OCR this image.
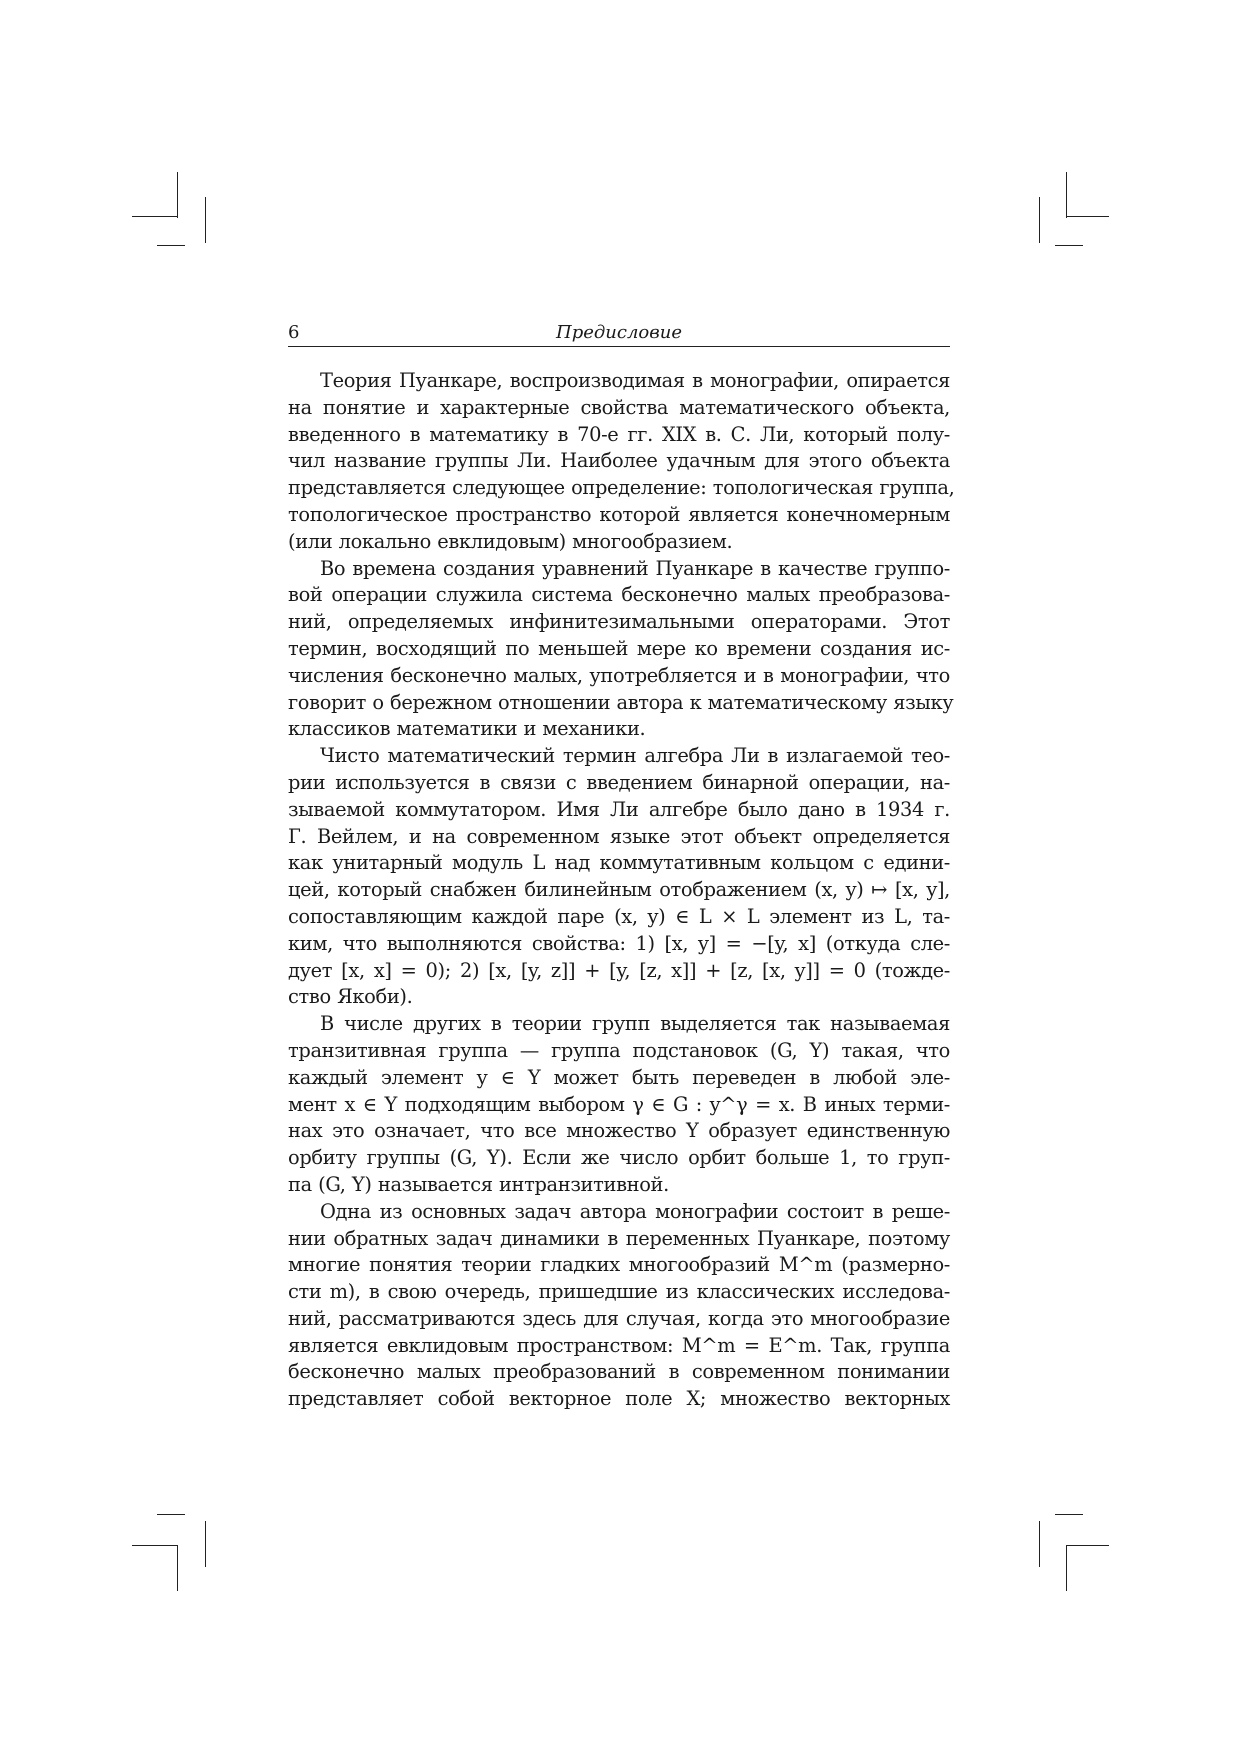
6	Предисловие
Теория Пуанкаре, воспроизводимая в монографии, опирается
на понятие и характерные свойства математического объекта,
введенного в математику в 70-е гг. XIX в. С. Ли, который полу-
чил название группы Ли. Наиболее удачным для этого объекта
представляется следующее определение: топологическая группа,
топологическое пространство которой является конечномерным
(или локально евклидовым) многообразием.
Во времена создания уравнений Пуанкаре в качестве группо-
вой операции служила система бесконечно малых преобразова-
ний, определяемых инфинитезимальными операторами. Этот
термин, восходящий по меньшей мере ко времени создания ис-
числения бесконечно малых, употребляется и в монографии, что
говорит о бережном отношении автора к математическому языку
классиков математики и механики.
Чисто математический термин алгебра Ли в излагаемой тео-
рии используется в связи с введением бинарной операции, на-
зываемой коммутатором. Имя Ли алгебре было дано в 1934 г.
Г. Вейлем, и на современном языке этот объект определяется
как унитарный модуль L над коммутативным кольцом с едини-
цей, который снабжен билинейным отображением (x, y) ↦ [x, y],
сопоставляющим каждой паре (x, y) ∈ L × L элемент из L, та-
ким, что выполняются свойства: 1) [x, y] = −[y, x] (откуда сле-
дует [x, x] = 0); 2) [x, [y, z]] + [y, [z, x]] + [z, [x, y]] = 0 (тожде-
ство Якоби).
В числе других в теории групп выделяется так называемая
транзитивная группа — группа подстановок (G, Y) такая, что
каждый элемент y ∈ Y может быть переведен в любой эле-
мент x ∈ Y подходящим выбором γ ∈ G : y^γ = x. В иных терми-
нах это означает, что все множество Y образует единственную
орбиту группы (G, Y). Если же число орбит больше 1, то груп-
па (G, Y) называется интранзитивной.
Одна из основных задач автора монографии состоит в реше-
нии обратных задач динамики в переменных Пуанкаре, поэтому
многие понятия теории гладких многообразий M^m (размерно-
сти m), в свою очередь, пришедшие из классических исследова-
ний, рассматриваются здесь для случая, когда это многообразие
является евклидовым пространством: M^m = E^m. Так, группа
бесконечно малых преобразований в современном понимании
представляет собой векторное поле X; множество векторных
